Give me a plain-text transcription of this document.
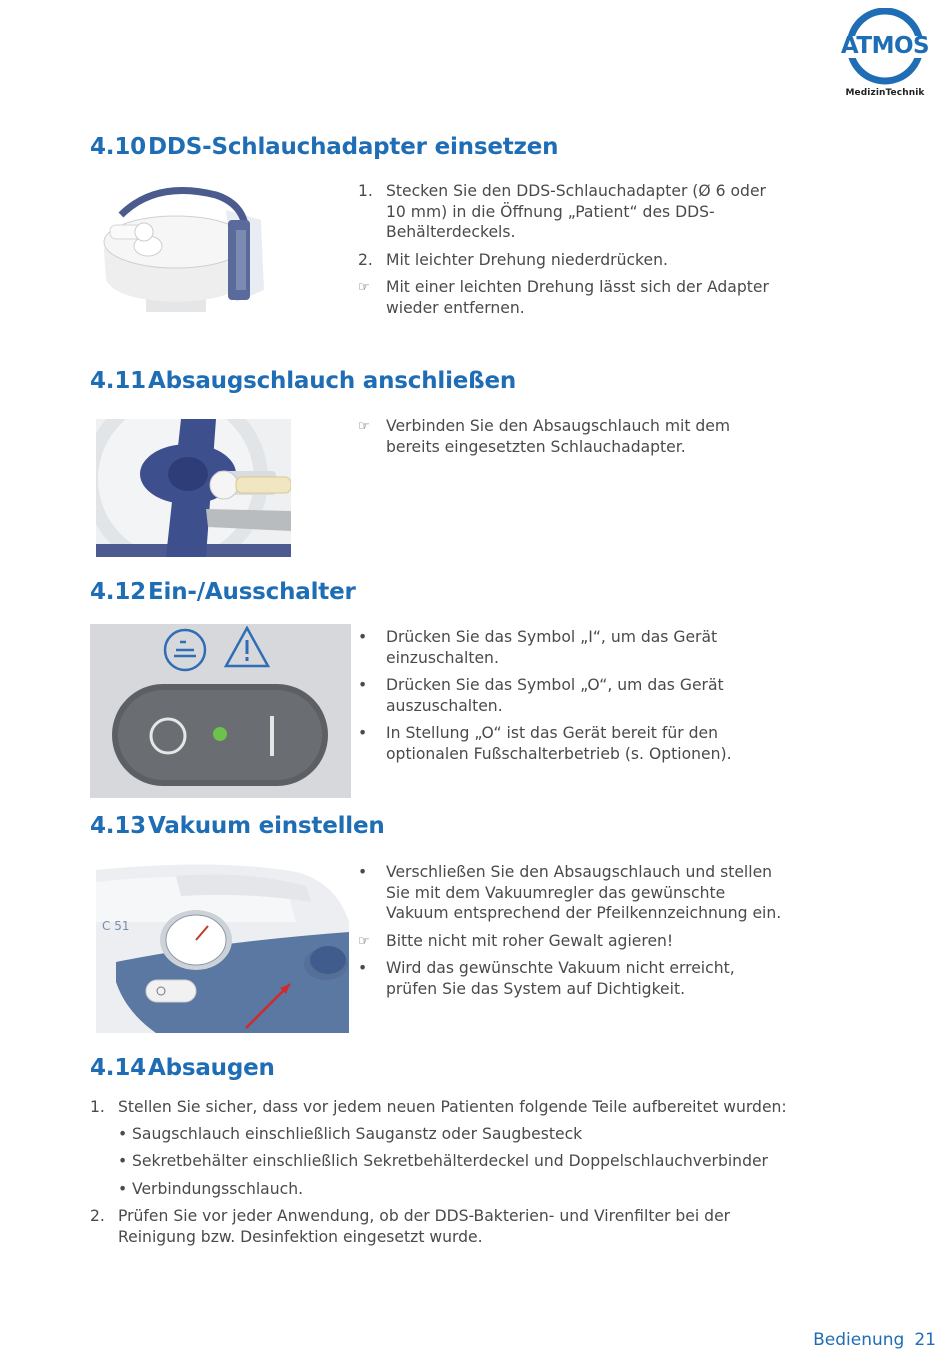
ATMOS
MedizinTechnik
4.10DDS-Schlauchadapter einsetzen
1. Stecken Sie den DDS-Schlauchadapter (Ø 6 oder 10 mm) in die Öffnung „Patient“ des DDS-Behälterdeckels.
2. Mit leichter Drehung niederdrücken.
☞	Mit einer leichten Drehung lässt sich der Adapter wieder entfernen.
4.11Absaugschlauch anschließen
☞	Verbinden Sie den Absaugschlauch mit dem bereits eingesetzten Schlauchadapter.
4.12Ein-/Ausschalter
•	Drücken Sie das Symbol „I“, um das Gerät einzuschalten.
•	Drücken Sie das Symbol „O“, um das Gerät auszuschalten.
•	In Stellung „O“ ist das Gerät bereit für den optionalen Fußschalterbetrieb (s. Optionen).
4.13Vakuum einstellen
C 51
•	Verschließen Sie den Absaugschlauch und stellen Sie mit dem Vakuumregler das gewünschte Vakuum entsprechend der Pfeilkennzeichnung ein.
☞	Bitte nicht mit roher Gewalt agieren!
•	Wird das gewünschte Vakuum nicht erreicht, prüfen Sie das System auf Dichtigkeit.
4.14Absaugen
1. Stellen Sie sicher, dass vor jedem neuen Patienten folgende Teile aufbereitet wurden:
• Saugschlauch einschließlich Sauganstz oder Saugbesteck
• Sekretbehälter einschließlich Sekretbehälterdeckel und Doppelschlauchverbinder
• Verbindungsschlauch.
2. Prüfen Sie vor jeder Anwendung, ob der DDS-Bakterien- und Virenfilter bei der Reinigung bzw. Desinfektion eingesetzt wurde.
Bedienung 21
